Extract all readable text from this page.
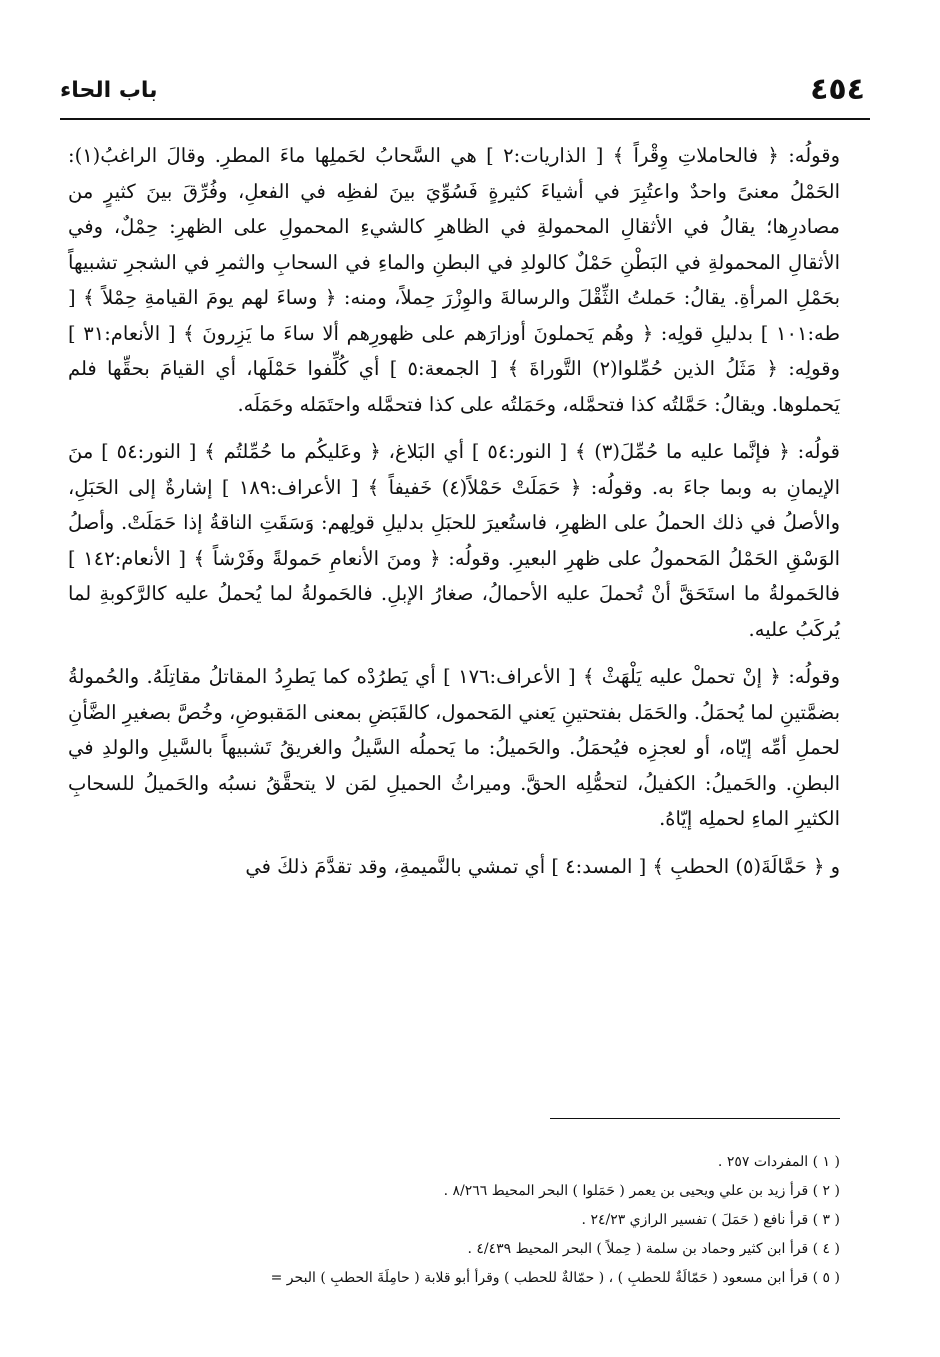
٤٥٤
باب الحاء

وقولُه: ﴿ فالحاملاتِ وِقْراً ﴾ [ الذاريات:٢ ] هي السَّحابُ لحَملِها ماءَ المطرِ. وقالَ الراغبُ(١): الحَمْلُ معنىً واحدٌ واعتُبِرَ في أشياءَ كثيرةٍ فَسُوِّيَ بينَ لفظِه في الفعلِ، وفُرِّقَ بينَ كثيرٍ من مصادرِها؛ يقالُ في الأثقالِ المحمولةِ في الظاهرِ كالشيءِ المحمولِ على الظهرِ: حِمْلٌ، وفي الأثقالِ المحمولةِ في البَطْنِ حَمْلٌ كالولدِ في البطنِ والماءِ في السحابِ والثمرِ في الشجرِ تشبيهاً بحَمْلِ المرأةِ. يقالُ: حَملتُ الثِّقْلَ والرسالةَ والوِزْرَ حِملاً، ومنه: ﴿ وساءَ لهم يومَ القيامةِ حِمْلاً ﴾ [ طه:١٠١ ] بدليلِ قولِه: ﴿ وهُم يَحملونَ أوزارَهم على ظهورِهم ألا ساءَ ما يَزِرونَ ﴾ [ الأنعام:٣١ ] وقولِه: ﴿ مَثَلُ الذين حُمِّلوا(٢) التَّوراةَ ﴾ [ الجمعة:٥ ] أي كُلِّفوا حَمْلَها، أي القيامَ بحقِّها فلم يَحملوها. ويقالُ: حَمَّلتُه كذا فتحمَّله، وحَمَلتُه على كذا فتحمَّله واحتَمَله وحَمَلَه.

قولُه: ﴿ فإنَّما عليه ما حُمِّلَ(٣) ﴾ [ النور:٥٤ ] أي البَلاغ، ﴿ وعَليكُم ما حُمِّلتُم ﴾ [ النور:٥٤ ] منَ الإيمانِ به وبما جاءَ به. وقولُه: ﴿ حَمَلَتْ حَمْلاً(٤) خَفيفاً ﴾ [ الأعراف:١٨٩ ] إشارةٌ إلى الحَبَلِ، والأصلُ في ذلك الحملُ على الظهرِ، فاستُعيرَ للحبَلِ بدليلِ قولِهم: وَسَقَتِ الناقةُ إذا حَمَلَتْ. وأصلُ الوَسْقِ الحَمْلُ المَحمولُ على ظهرِ البعيرِ. وقولُه: ﴿ ومنَ الأنعامِ حَمولةً وفَرْشاً ﴾ [ الأنعام:١٤٢ ] فالحَمولةُ ما استَحَقَّ أنْ تُحملَ عليه الأحمالُ، صغارُ الإبلِ. فالحَمولةُ لما يُحملُ عليه كالرَّكوبةِ لما يُركَبُ عليه.

وقولُه: ﴿ إنْ تحملْ عليه يَلْهَثْ ﴾ [ الأعراف:١٧٦ ] أي يَطرُدْه كما يَطرِدُ المقاتلُ مقاتِلَهُ. والحُمولةُ بضمَّتينِ لما يُحمَلُ. والحَمَل بفتحتينِ يَعني المَحمول، كالقَبَضِ بمعنى المَقبوضِ، وخُصَّ بصغيرِ الضَّأنِ لحملِ أمِّه إيّاه، أو لعجزِه فيُحمَلُ. والحَميلُ: ما يَحملُه السَّيلُ والغريقُ تَشبيهاً بالسَّيلِ والولدِ في البطنِ. والحَميلُ: الكفيلُ، لتحمُّلِه الحقَّ. وميراثُ الحميلِ لمَن لا يتحقَّقُ نسبُه والحَميلُ للسحابِ الكثيرِ الماءِ لحملِه إيّاهُ.

و ﴿ حَمَّالَةَ(٥) الحطبِ ﴾ [ المسد:٤ ] أي تمشي بالنَّميمةِ، وقد تقدَّمَ ذلكَ في

( ١ ) المفردات ٢٥٧ .
( ٢ ) قرأ زيد بن علي ويحيى بن يعمر ( حَمَلوا ) البحر المحيط ٨/٢٦٦ .
( ٣ ) قرأ نافع ( حَمَلَ ) تفسير الرازي ٢٤/٢٣ .
( ٤ ) قرأ ابن كثير وحماد بن سلمة ( حِملاً ) البحر المحيط ٤/٤٣٩ .
( ٥ ) قرأ ابن مسعود ( حَمّالَةٌ للحطبِ ) ، ( حمّالةٌ للحطب ) وقرأ أبو قلابة ( حامِلَةَ الحطبِ ) البحر =
